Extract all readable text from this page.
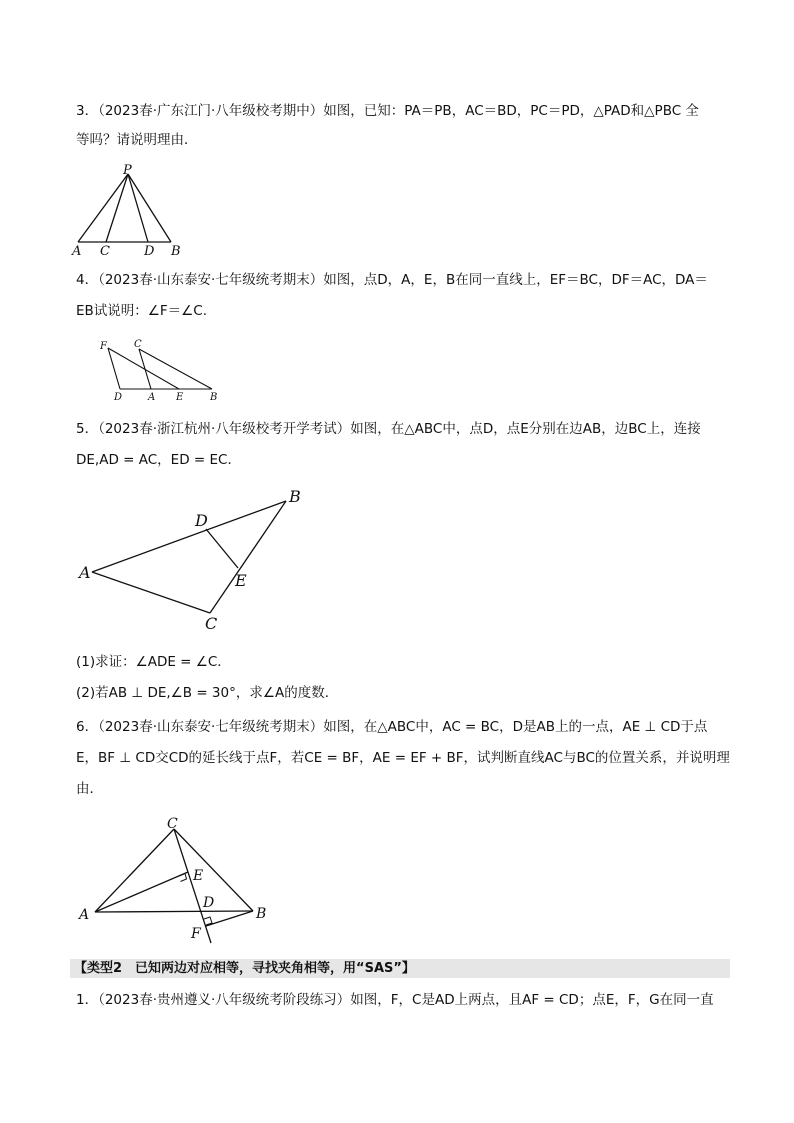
3．（2023春·广东江门·八年级校考期中）如图，已知：PA＝PB，AC＝BD，PC＝PD，△PAD和△PBC 全
等吗？请说明理由．
P
A C	D B
4．（2023春·山东泰安·七年级统考期末）如图，点D，A，E，B在同一直线上，EF＝BC，DF＝AC，DA＝
EB试说明：∠F＝∠C.
F	C
D	A E	B
5．（2023春·浙江杭州·八年级校考开学考试）如图，在△ABC中，点D，点E分别在边AB，边BC上，连接
DE,AD = AC，ED = EC．
A
B
C
D
E
(1)求证：∠ADE = ∠C．
(2)若AB ⊥ DE,∠B = 30°，求∠A的度数．
6．（2023春·山东泰安·七年级统考期末）如图，在△ABC中，AC = BC，D是AB上的一点，AE ⊥ CD于点
E，BF ⊥ CD交CD的延长线于点F，若CE = BF，AE = EF + BF，试判断直线AC与BC的位置关系，并说明理
由．
C
E
D
A	B
F
【类型2　已知两边对应相等，寻找夹角相等，用“SAS”】
1．（2023春·贵州遵义·八年级统考阶段练习）如图，F，C是AD上两点，且AF = CD；点E，F，G在同一直
